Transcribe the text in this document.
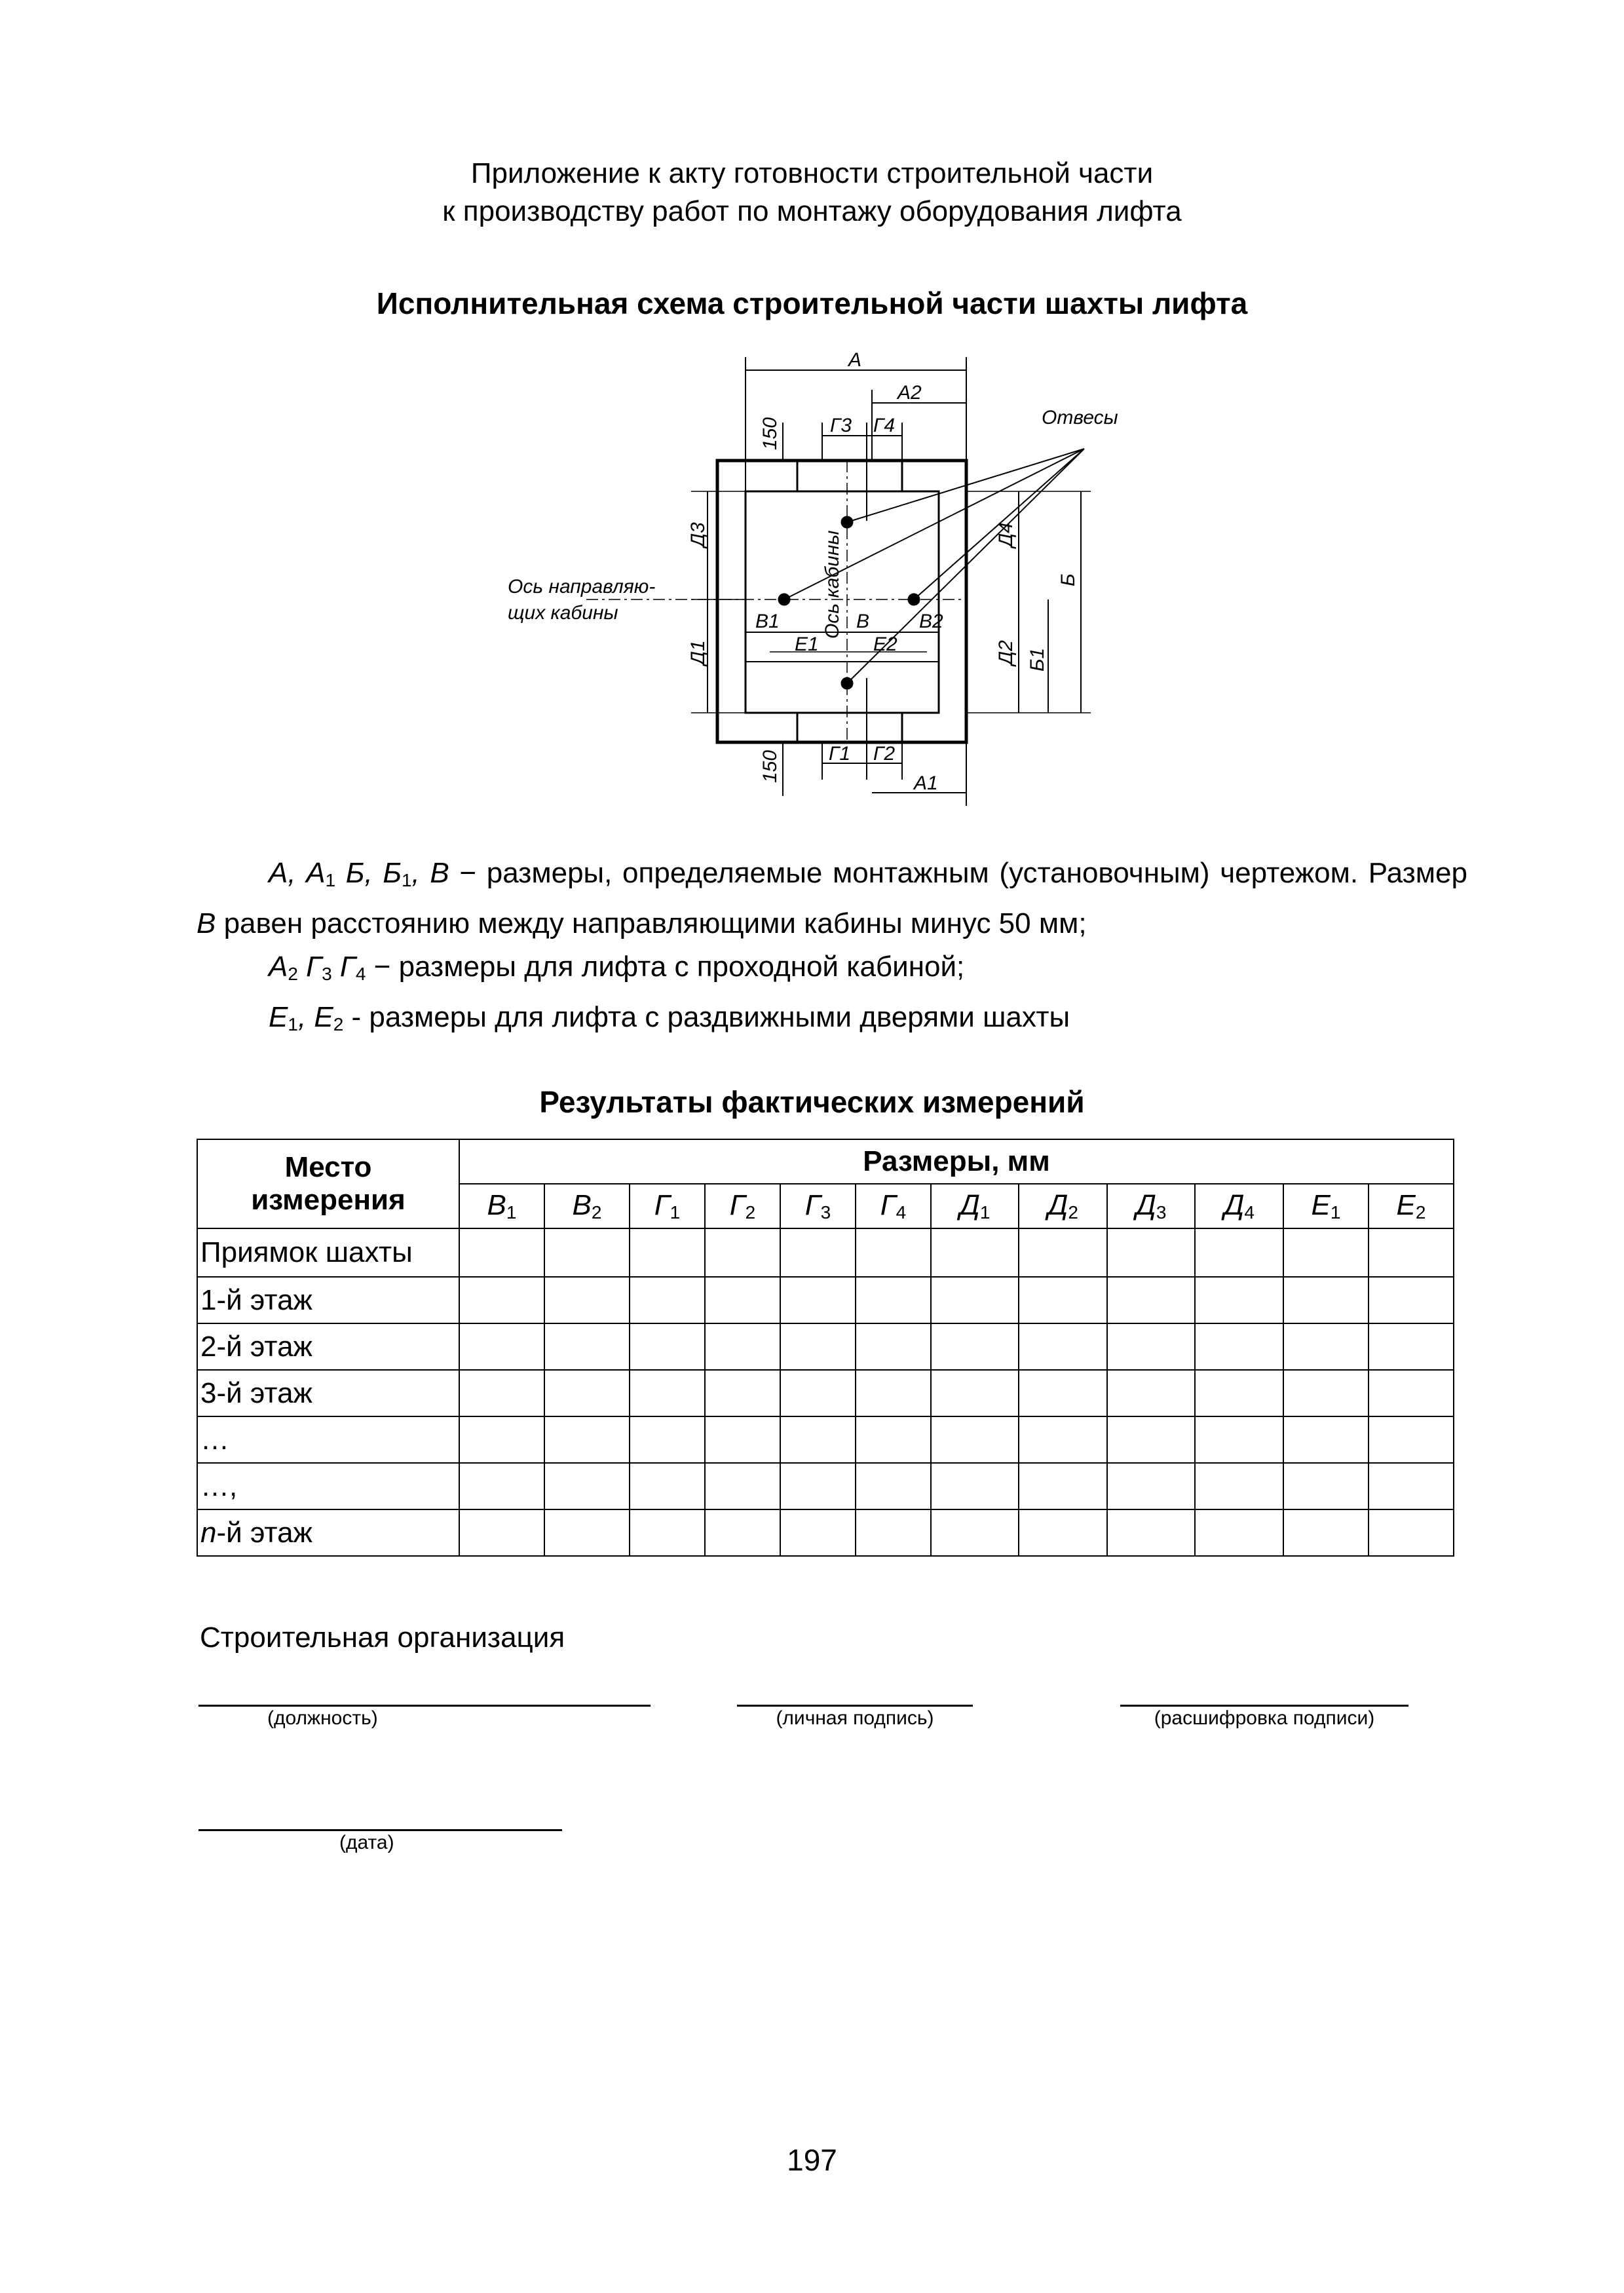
Приложение к акту готовности строительной части
к производству работ по монтажу оборудования лифта
Исполнительная схема строительной части шахты лифта
А
А2
Г3 Г4
150	Отвесы
Ось направляю-
щих кабины	Ось кабины
Д3
Д1
Д4
Д2
Б
Б1
В1	В	В2
Е1	Е2
Г1 Г2
А1
150

А, $А_1$ Б, $Б_1$, В − размеры, определяемые монтажным (установочным) чертежом. Размер В равен расстоянию между направляющими кабины минус 50 мм;

$А_2$ $Г_3$ $Г_4$ − размеры для лифта с проходной кабиной;

$Е_1$, $Е_2$ - размеры для лифта с раздвижными дверями шахты

Результаты фактических измерений
Место
измерения	Размеры, мм											
	$В_1$	$В_2$	$Г_1$	$Г_2$	$Г_3$	$Г_4$	$Д_1$	$Д_2$	$Д_3$	$Д_4$	$Е_1$	$Е_2$
Приямок шахты												
1-й этаж												
2-й этаж												
3-й этаж												
…												
…,												
n-й этаж												
Строительная организация
(должность)	(личная подпись)	(расшифровка подписи)
(дата)
197
